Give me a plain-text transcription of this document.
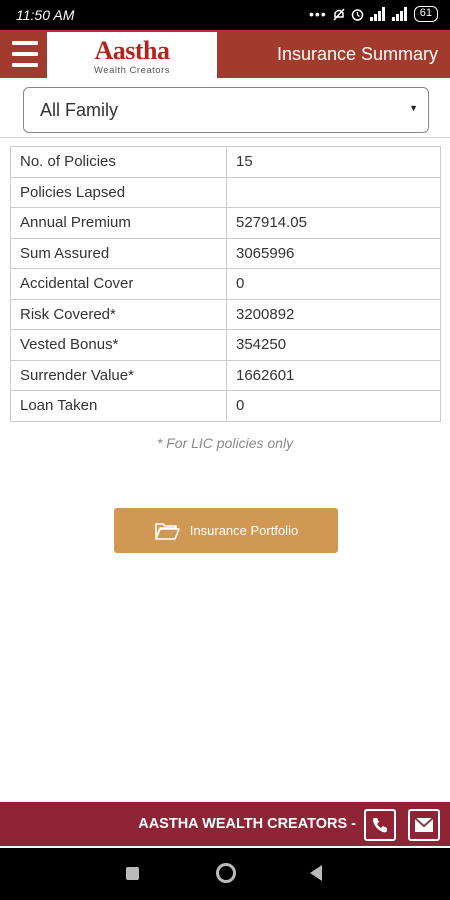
11:50 AM	•••	61
Aastha
Wealth Creators
Insurance Summary
All Family	▼
No. of Policies	15
Policies Lapsed	
Annual Premium	527914.05
Sum Assured	3065996
Accidental Cover	0
Risk Covered*	3200892
Vested Bonus*	354250
Surrender Value*	1662601
Loan Taken	0
* For LIC policies only
Insurance Portfolio
AASTHA WEALTH CREATORS -
